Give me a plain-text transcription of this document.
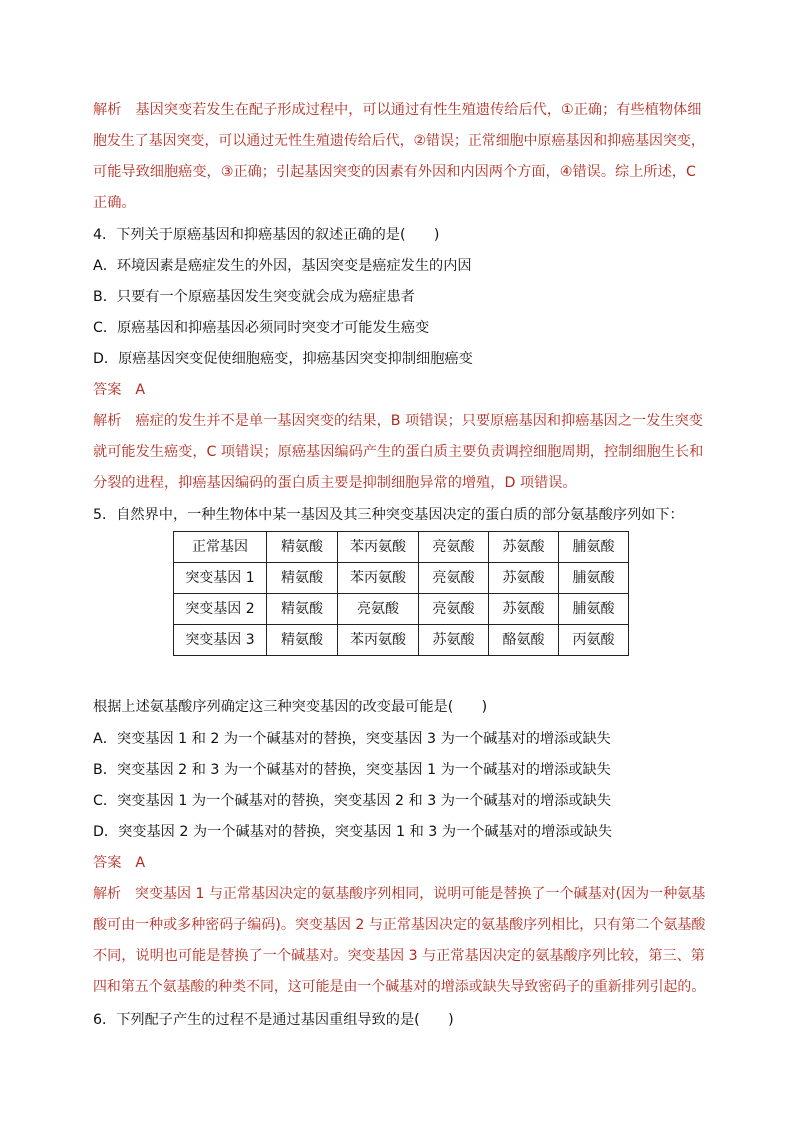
解析 基因突变若发生在配子形成过程中，可以通过有性生殖遗传给后代，①正确；有些植物体细
胞发生了基因突变，可以通过无性生殖遗传给后代，②错误；正常细胞中原癌基因和抑癌基因突变，
可能导致细胞癌变，③正确；引起基因突变的因素有外因和内因两个方面，④错误。综上所述，C
正确。
4．下列关于原癌基因和抑癌基因的叙述正确的是(　　)
A．环境因素是癌症发生的外因，基因突变是癌症发生的内因
B．只要有一个原癌基因发生突变就会成为癌症患者
C．原癌基因和抑癌基因必须同时突变才可能发生癌变
D．原癌基因突变促使细胞癌变，抑癌基因突变抑制细胞癌变
答案 A
解析 癌症的发生并不是单一基因突变的结果，B 项错误；只要原癌基因和抑癌基因之一发生突变
就可能发生癌变，C 项错误；原癌基因编码产生的蛋白质主要负责调控细胞周期，控制细胞生长和
分裂的进程，抑癌基因编码的蛋白质主要是抑制细胞异常的增殖，D 项错误。
5．自然界中，一种生物体中某一基因及其三种突变基因决定的蛋白质的部分氨基酸序列如下：
正常基因	精氨酸	苯丙氨酸	亮氨酸	苏氨酸	脯氨酸
突变基因 1	精氨酸	苯丙氨酸	亮氨酸	苏氨酸	脯氨酸
突变基因 2	精氨酸	亮氨酸	亮氨酸	苏氨酸	脯氨酸
突变基因 3	精氨酸	苯丙氨酸	苏氨酸	酪氨酸	丙氨酸
根据上述氨基酸序列确定这三种突变基因的改变最可能是(　　)
A．突变基因 1 和 2 为一个碱基对的替换，突变基因 3 为一个碱基对的增添或缺失
B．突变基因 2 和 3 为一个碱基对的替换，突变基因 1 为一个碱基对的增添或缺失
C．突变基因 1 为一个碱基对的替换，突变基因 2 和 3 为一个碱基对的增添或缺失
D．突变基因 2 为一个碱基对的替换，突变基因 1 和 3 为一个碱基对的增添或缺失
答案 A
解析 突变基因 1 与正常基因决定的氨基酸序列相同，说明可能是替换了一个碱基对(因为一种氨基
酸可由一种或多种密码子编码)。突变基因 2 与正常基因决定的氨基酸序列相比，只有第二个氨基酸
不同，说明也可能是替换了一个碱基对。突变基因 3 与正常基因决定的氨基酸序列比较，第三、第
四和第五个氨基酸的种类不同，这可能是由一个碱基对的增添或缺失导致密码子的重新排列引起的。
6．下列配子产生的过程不是通过基因重组导致的是(　　)
